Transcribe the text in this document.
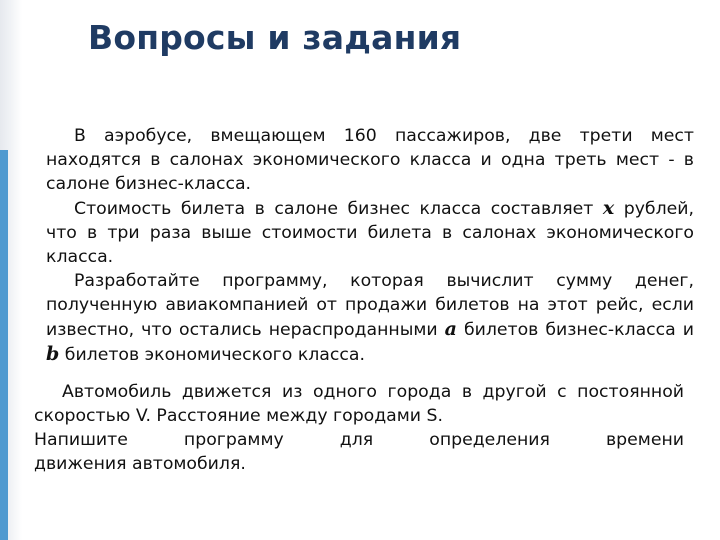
Вопросы и задания

В аэробусе, вмещающем 160 пассажиров, две трети мест находятся в салонах экономического класса и одна треть мест - в салоне бизнес-класса.

Стоимость билета в салоне бизнес класса составляет x рублей, что в три раза выше стоимости билета в салонах экономического класса.

Разработайте программу, которая вычислит сумму денег, полученную авиакомпанией от продажи билетов на этот рейс, если известно, что остались нераспроданными a билетов бизнес-класса и b билетов экономического класса.

Автомобиль движется из одного города в другой с постоянной скоростью V. Расстояние между городами S.

Напишите программу для определения времени

движения автомобиля.
